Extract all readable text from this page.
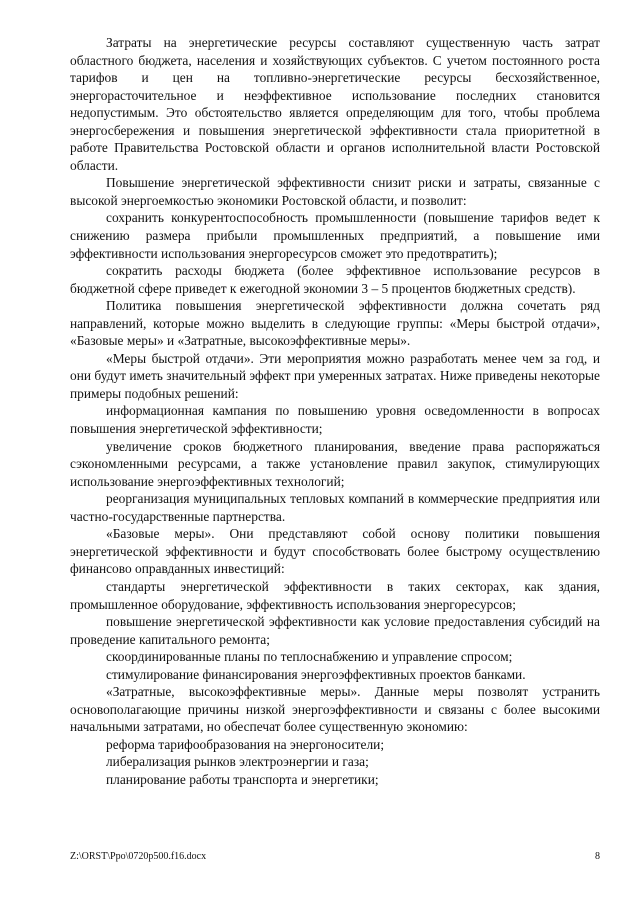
Затраты на энергетические ресурсы составляют существенную часть затрат областного бюджета, населения и хозяйствующих субъектов. С учетом постоянного роста тарифов и цен на топливно-энергетические ресурсы бесхозяйственное, энергорасточительное и неэффективное использование последних становится недопустимым. Это обстоятельство является определяющим для того, чтобы проблема энергосбережения и повышения энергетической эффективности стала приоритетной в работе Правительства Ростовской области и органов исполнительной власти Ростовской области.

Повышение энергетической эффективности снизит риски и затраты, связанные с высокой энергоемкостью экономики Ростовской области, и позволит:

сохранить конкурентоспособность промышленности (повышение тарифов ведет к снижению размера прибыли промышленных предприятий, а повышение ими эффективности использования энергоресурсов сможет это предотвратить);

сократить расходы бюджета (более эффективное использование ресурсов в бюджетной сфере приведет к ежегодной экономии 3 – 5 процентов бюджетных средств).

Политика повышения энергетической эффективности должна сочетать ряд направлений, которые можно выделить в следующие группы: «Меры быстрой отдачи», «Базовые меры» и «Затратные, высокоэффективные меры».

«Меры быстрой отдачи». Эти мероприятия можно разработать менее чем за год, и они будут иметь значительный эффект при умеренных затратах. Ниже приведены некоторые примеры подобных решений:

информационная кампания по повышению уровня осведомленности в вопросах повышения энергетической эффективности;

увеличение сроков бюджетного планирования, введение права распоряжаться сэкономленными ресурсами, а также установление правил закупок, стимулирующих использование энергоэффективных технологий;

реорганизация муниципальных тепловых компаний в коммерческие предприятия или частно-государственные партнерства.

«Базовые меры». Они представляют собой основу политики повышения энергетической эффективности и будут способствовать более быстрому осуществлению финансово оправданных инвестиций:

стандарты энергетической эффективности в таких секторах, как здания, промышленное оборудование, эффективность использования энергоресурсов;

повышение энергетической эффективности как условие предоставления субсидий на проведение капитального ремонта;

скоординированные планы по теплоснабжению и управление спросом;

стимулирование финансирования энергоэффективных проектов банками.

«Затратные, высокоэффективные меры». Данные меры позволят устранить основополагающие причины низкой энергоэффективности и связаны с более высокими начальными затратами, но обеспечат более существенную экономию:

реформа тарифообразования на энергоносители;

либерализация рынков электроэнергии и газа;

планирование работы транспорта и энергетики;

Z:\ORST\Ppo\0720p500.f16.docx	8
